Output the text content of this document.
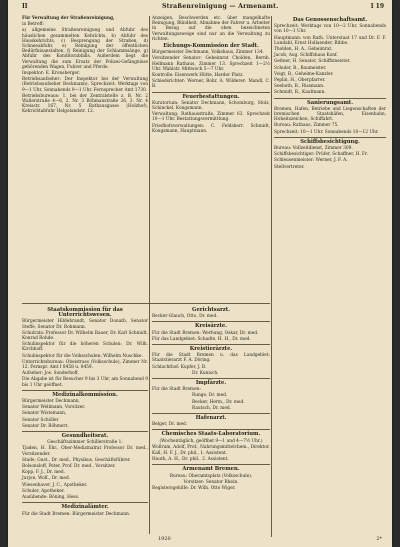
II	Straßenreinigung — Armenamt.	I 19
Für Verwaltung der Straßenreinigung,
in Betreff:
a) allgemeine Straßenreinigung und Abfuhr des häuslichen gesammelten Kehrichts, b) Abfuhr des Hauskehrichts, c) Besprengung der Straßen, d) Schneeabfuhr, e) Reinigung der öffentlichen Bedürfnisanstalten, f) Reinigung der Schlammsänge, g) Abfuhr des Konditorabfalls. Außerdem liegt die Verwaltung die zum Ersatz der Polizei-Gefängnisse gehörenden Wagen, Fuhrer und Pferde.
Inspektor: E. Kronsberger.
Betriebsaufseher: Der Inspektor bei der Verwaltung (Betriebsaufseher Beckmann). Sprechzeit: Werktags von 9—1 Uhr, Sonnabends 9—1 Uhr. Fernsprecher Amt 1730.
Betriebsbureaus: 1. bei der Zentralstelle z. B. Nr. 2 Wallerstraße 4—6, 2. Nr. 3 Böhmanstraße 26, 3. Nr. 4 Kreisstr. 167, Nr. 5 Rathausgasse (Holzhof), Kehrichtabfuhr Helgolandstr. 12.
Anzeigen, Beschwerden etc. über mangelhafte Reinigung, Blindheit, Abnahme der Fahrer u. Arbeiter in Bezug auf die oben bezeichneten Verwaltungszweige sind nur an die Verwaltung zu richten.
Eichungs-Kommission der Stadt.
Bürgermeister Dechmann, Volkshaus, Zimmer 134.
Vorsitzender Senator: Geheimrat Cholden, Bernh. Hellmann Rathaus, Zimmer 13. Sprechzeit 1—2½ Uhr. Wahlstr. Mittwoch 5—7 Uhr.
Kontrolle: Eisenwerk Hütte, Harder Platz.
Schiedsrichter: Werner, Bohr. A. Wilderer: Mandl, C. B.
Feuerbestattungen.
Kuratorium: Senator Dechmann, Schomburg, Stolz, Schinckel, Kongsmann.
Verwaltung: Rathausstraße, Zimmer 63. Sprechzeit 10—1 Uhr. Bestattungsvermittlung.
Friedhofsverwaltungen: C. Feldsherr. Schmidt, Kongsmann, Hauptmann.
Das Genossenschaftsamt.
Sprechzeit: Werktags von 10—2 Uhr, Sonnabends von 10—1 Uhr.
Hauptmann: von Rath. Unterstaat 17 und Dr. F. F. Lundahl, Ernst Hollaender, Ribbe.
Tholden, H. A., Geheimrat.
Jacob, Aug. Schiffshaus Konf.
Geßner, H. Senator, Schiffsmeister.
Schuler, B., Baumeister.
Voigt, B., Geheime-Kanzler.
Peplin, H., Oberpfarrer.
Seeboth, B., Rissmann.
Schmidt, B., Kaufmann.
Sanierungsamt.
Bremen, Hafen, Betriebe und Liegenschaften der bremischen Staatshäfen, Eisenbahn, Hoheitszeichen, Schiffahrt.
Bureau: Rathaus, Zimmer 75.
Sprechzeit: 10—1 Uhr. Sonnabends 10—12 Uhr.
Schiffsbesichtigung.
Bureau: Vollzeitdienst, Zimmer 309.
Schiffsbesichtiger: Prüfer, Schaffner, H. Fr.
Schleusenmeister: Werner, J. F. A.
Stellvertreter.
Staatskommission für das Unterrichtswesen.
Bürgermeister Hildebrandt, Senator Donath, Senator Steffe, Senator Dr. Rohmann.
Schulrats: Professor Dr. Wilhelm Bauer, Dr. Karl Schmidt, Konrad Rohde.
Schulinspektor für die höheren Schulen: Dr. Wilh. Kirchhoff.
Schulinspektor für die Volksschulen: Wilhelm Nuschke.
Unterrichtsbureau: Obeistrass (Volksschule), Zimmer Nr. 12. Fernspr. Amt I 8458 u. 8459.
Aufseher: Jos. Sonderhoff.
Die Abgabe ist für Besucher 9 bis 3 Uhr, am Sonnabend 9 bis 1 Uhr geöffnet.
Medizinalkommission.
Bürgermeister Dechmann,
Senator Wellmann, Vorsitzer.
Senator Wistemann,
Senator Schöller
Senator Dr. Böhmert.
Gesundheitsrat.
Geschäftszimmer Schillerstraße 1.
Tjaden, H. Ehr., Ober-Medizinalrat Professor Dr. med., Vorsitzender.
Stade, Gust., Dr. med., Physikus, Geschäftsführer.
Bolsonsloff, Peter, Prof. Dr. med., Vorsitzer.
Kopp, F. J., Dr. med.
Jurjon, Wolf., Dr. med.
Wiesenhaver, J. C., Apotheker.
Schuler, Apotheker.
Ausübende: Böning, Hess.
Medizinalämter.
Für die Stadt Bremen: Bürgermeister Dechmann.
Gerichtsarzt.
Becker-Glauch, Otto, Dr. med.
Kreisärzte.
Für die Stadt Bremen: Werbung, Oskar, Dr. med.
Für das Landgebiet: Schadte, H. H., Dr. med.
Kreistierärzte.
Für die Stadt Bremen u. das Landgebiet: Staatstierarzt F. A. Döring.
Schlachthof: Kupfer, J. B.
Dr. Kunisch.
Impfärzte.
Für die Stadt Bremen:
Runge, Dr. med.
Becker, Herm., Dr. med.
Rautsch, Dr. med.
Hafenarzt.
Belger, Dr. med.
Chemisches Staats-Laboratorium.
(Wochentäglich, geöffnet 9—1 und 4—7½ Uhr.)
Wollrum, Adolf, Prof., Nahrungsmittelchem., Direktor.
Kall, H. F. J., Dr. phil., 1. Assistent.
Hauth, A. H., Dr. phil., 2. Assistent.
Armenamt Bremen.
Bureau: Oberamtsplatz (Volksschule).
Vorsitzer: Senator Rhein.
Registersgehilfe: Dr. Wilh. Otto Wiger.
1920	2*
